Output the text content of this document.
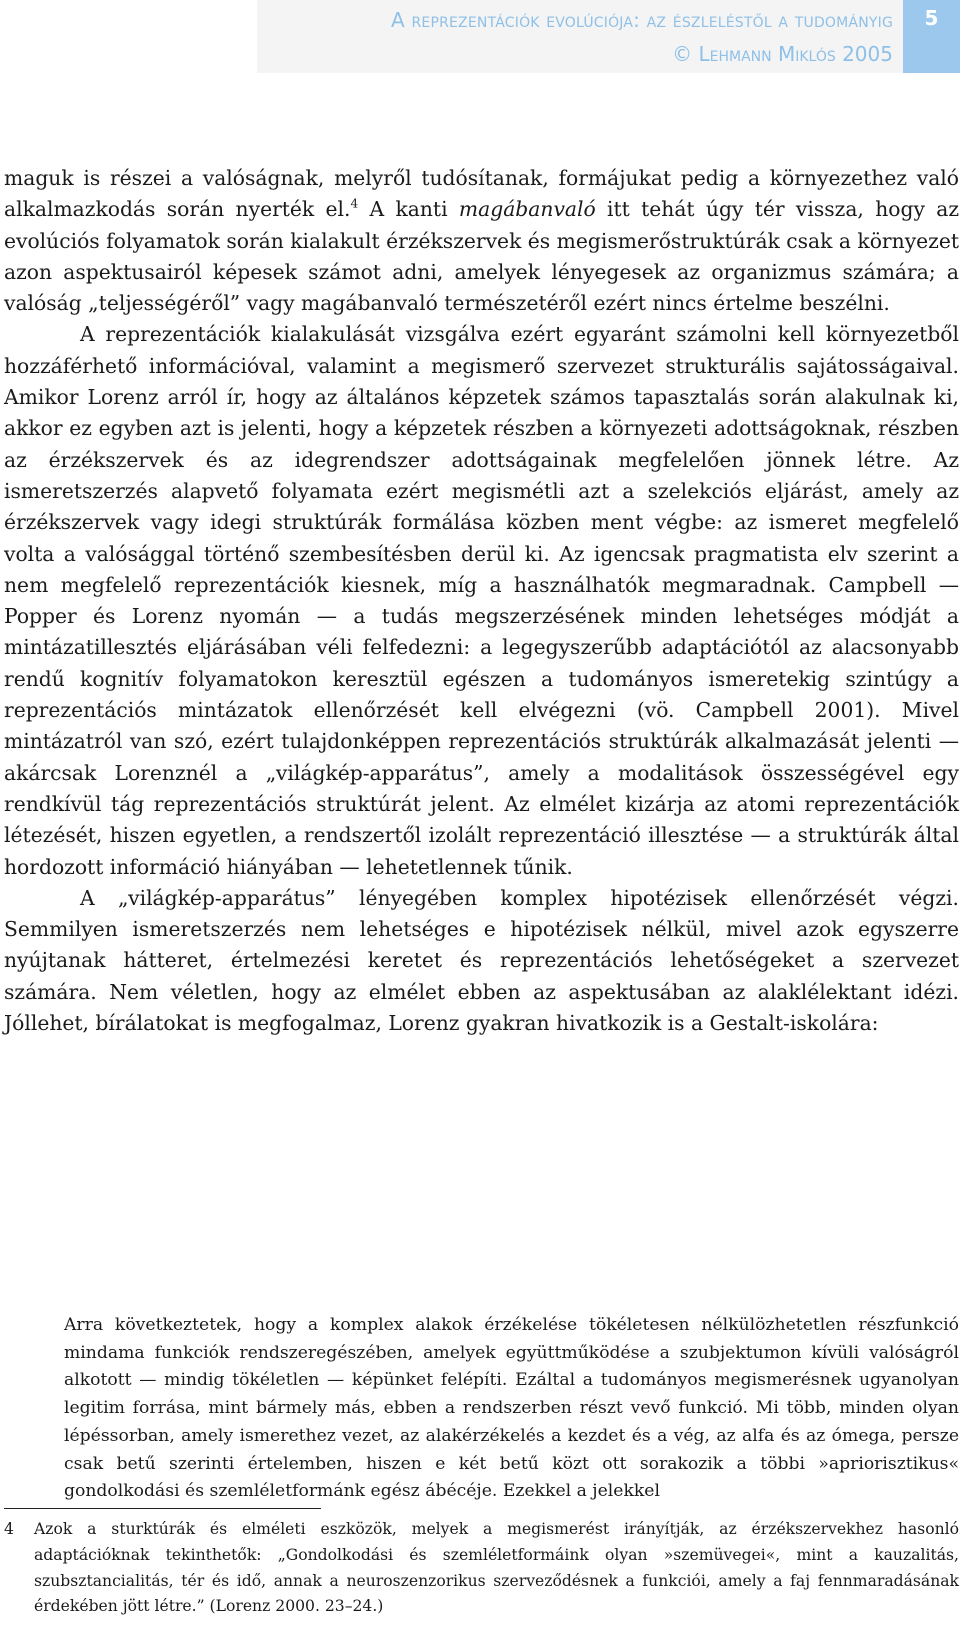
A reprezentációk evolúciója: az észleléstől a tudományig
© Lehmann Miklós 2005
5

maguk is részei a valóságnak, melyről tudósítanak, formájukat pedig a környezethez való alkalmazkodás során nyerték el.$^4$ A kanti magábanvaló itt tehát úgy tér vissza, hogy az evolúciós folyamatok során kialakult érzékszervek és megismerőstruktúrák csak a környezet azon aspektusairól képesek számot adni, amelyek lényegesek az organizmus számára; a valóság „teljességéről” vagy magábanvaló természetéről ezért nincs értelme beszélni.

A reprezentációk kialakulását vizsgálva ezért egyaránt számolni kell környezetből hozzáférhető információval, valamint a megismerő szervezet strukturális sajátosságaival. Amikor Lorenz arról ír, hogy az általános képzetek számos tapasztalás során alakulnak ki, akkor ez egyben azt is jelenti, hogy a képzetek részben a környezeti adottságoknak, részben az érzékszervek és az idegrendszer adottságainak megfelelően jönnek létre. Az ismeretszerzés alapvető folyamata ezért megismétli azt a szelekciós eljárást, amely az érzékszervek vagy idegi struktúrák formálása közben ment végbe: az ismeret megfelelő volta a valósággal történő szembesítésben derül ki. Az igencsak pragmatista elv szerint a nem megfelelő reprezentációk kiesnek, míg a használhatók megmaradnak. Campbell — Popper és Lorenz nyomán — a tudás megszerzésének minden lehetséges módját a mintázatillesztés eljárásában véli felfedezni: a legegyszerűbb adaptációtól az alacsonyabb rendű kognitív folyamatokon keresztül egészen a tudományos ismeretekig szintúgy a reprezentációs mintázatok ellenőrzését kell elvégezni (vö. Campbell 2001). Mivel mintázatról van szó, ezért tulajdonképpen reprezentációs struktúrák alkalmazását jelenti — akárcsak Lorenznél a „világkép-apparátus”, amely a modalitások összességével egy rendkívül tág reprezentációs struktúrát jelent. Az elmélet kizárja az atomi reprezentációk létezését, hiszen egyetlen, a rendszertől izolált reprezentáció illesztése — a struktúrák által hordozott információ hiányában — lehetetlennek tűnik.

A „világkép-apparátus” lényegében komplex hipotézisek ellenőrzését végzi. Semmilyen ismeretszerzés nem lehetséges e hipotézisek nélkül, mivel azok egyszerre nyújtanak hátteret, értelmezési keretet és reprezentációs lehetőségeket a szervezet számára. Nem véletlen, hogy az elmélet ebben az aspektusában az alaklélektant idézi. Jóllehet, bírálatokat is megfogalmaz, Lorenz gyakran hivatkozik is a Gestalt-iskolára:

Arra következtetek, hogy a komplex alakok érzékelése tökéletesen nélkülözhetetlen részfunkció mindama funkciók rendszeregészében, amelyek együttműködése a szubjektumon kívüli valóságról alkotott — mindig tökéletlen — képünket felépíti. Ezáltal a tudományos megismerésnek ugyanolyan legitim forrása, mint bármely más, ebben a rendszerben részt vevő funkció. Mi több, minden olyan lépéssorban, amely ismerethez vezet, az alakérzékelés a kezdet és a vég, az alfa és az ómega, persze csak betű szerinti értelemben, hiszen e két betű közt ott sorakozik a többi »apriorisztikus« gondolkodási és szemléletformánk egész ábécéje. Ezekkel a jelekkel

4 Azok a sturktúrák és elméleti eszközök, melyek a megismerést irányítják, az érzékszervekhez hasonló adaptációknak tekinthetők: „Gondolkodási és szemléletformáink olyan »szemüvegei«, mint a kauzalitás, szubsztancialitás, tér és idő, annak a neuroszenzorikus szerveződésnek a funkciói, amely a faj fennmaradásának érdekében jött létre.” (Lorenz 2000. 23–24.)
